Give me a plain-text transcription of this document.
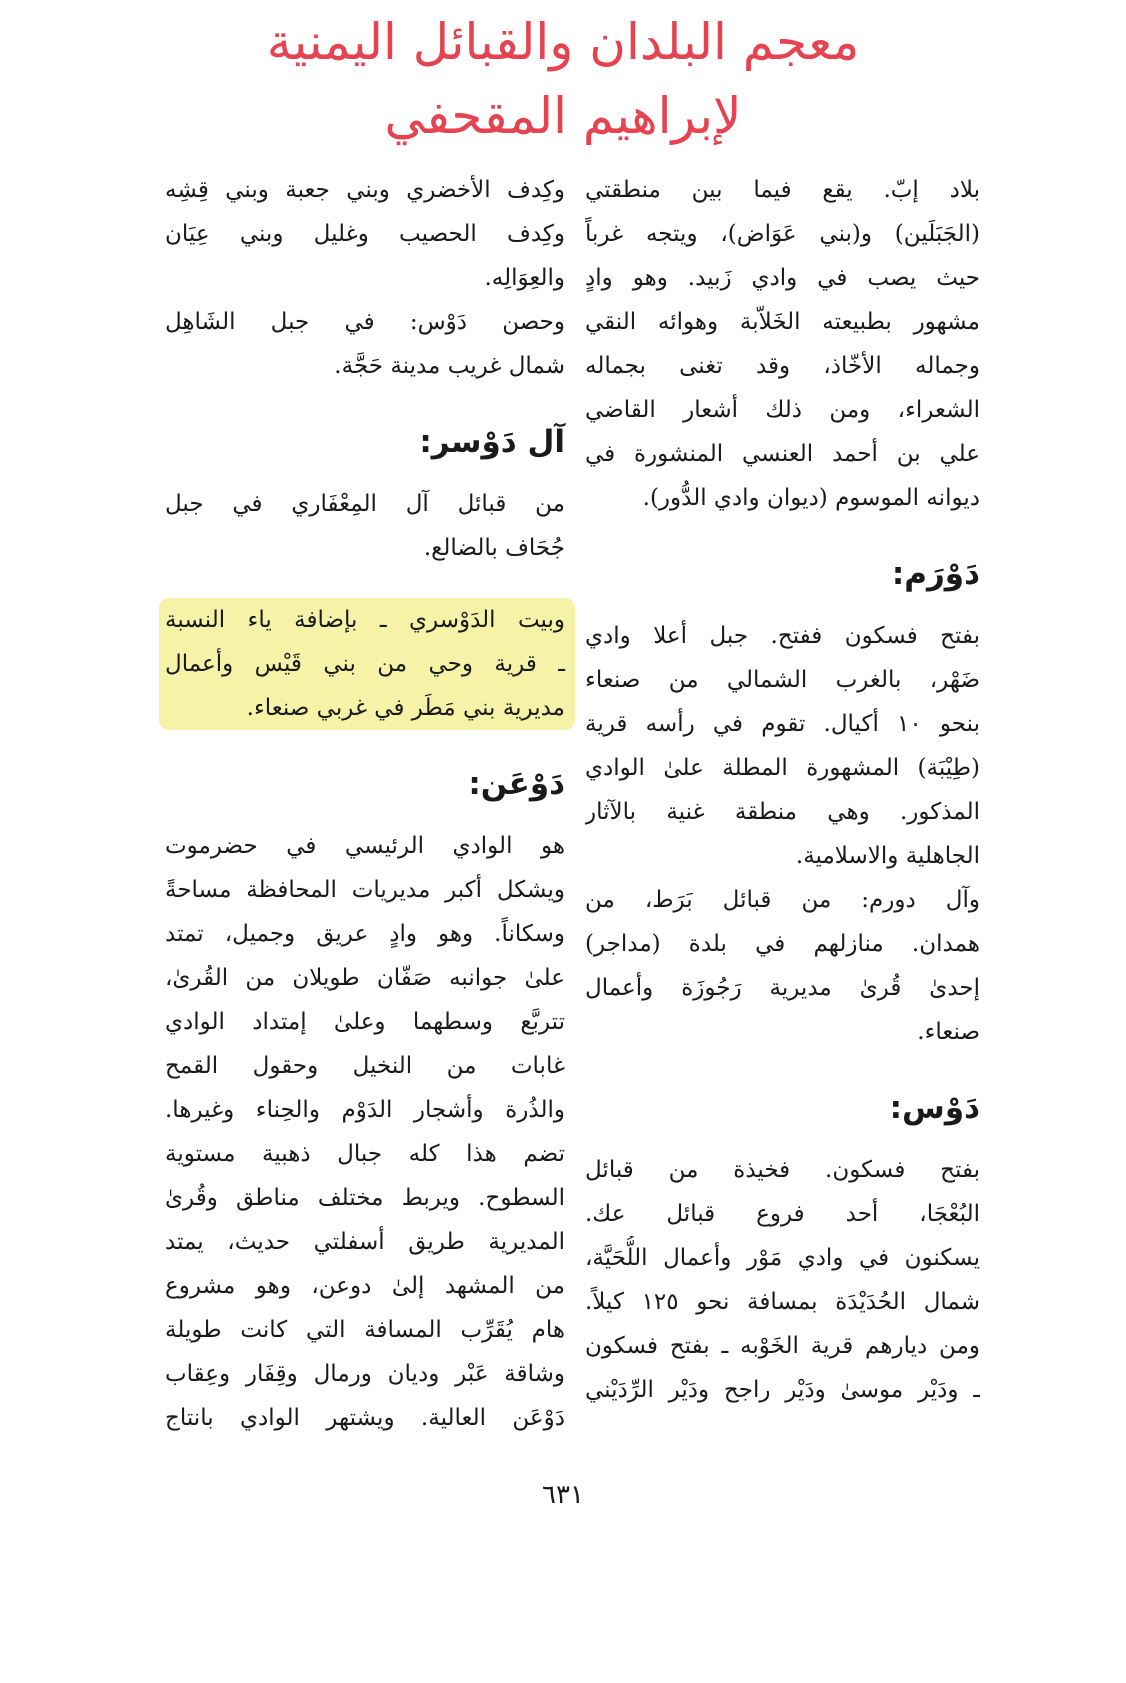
معجم البلدان والقبائل اليمنية
لإبراهيم المقحفي
بلاد إبّ. يقع فيما بين منطقتي
(الجَبَلَين) و(بني عَوَاض)، ويتجه غرباً
حيث يصب في وادي زَبيد. وهو وادٍ
مشهور بطبيعته الخَلاّبة وهوائه النقي
وجماله الأخّاذ، وقد تغنى بجماله
الشعراء، ومن ذلك أشعار القاضي
علي بن أحمد العنسي المنشورة في
ديوانه الموسوم (ديوان وادي الدُّور).
دَوْرَم:
بفتح فسكون ففتح. جبل أعلا وادي
ضَهْر، بالغرب الشمالي من صنعاء
بنحو ١٠ أكيال. تقوم في رأسه قرية
(طِيْبَة) المشهورة المطلة علىٰ الوادي
المذكور. وهي منطقة غنية بالآثار
الجاهلية والاسلامية.
وآل دورم: من قبائل بَرَط، من
همدان. منازلهم في بلدة (مداجر)
إحدىٰ قُرىٰ مديرية رَجُوزَة وأعمال
صنعاء.
دَوْس:
بفتح فسكون. فخيذة من قبائل
البُعْجَا، أحد فروع قبائل عك.
يسكنون في وادي مَوْر وأعمال اللُّحَيَّة،
شمال الحُدَيْدَة بمسافة نحو ١٢٥ كيلاً.
ومن ديارهم قرية الخَوْبه ـ بفتح فسكون
ـ ودَيْر موسىٰ ودَيْر راجح ودَيْر الرِّدَيْني
وكِدف الأخضري وبني جعبة وبني قِشِه
وكِدف الحصيب وغليل وبني عِيَان
والعِوَالِه.
وحصن دَوْس: في جبل الشَاهِل
شمال غريب مدينة حَجَّة.
آل دَوْسر:
من قبائل آل المِعْفَاري في جبل
جُحَاف بالضالع.
وبيت الدَوْسري ـ بإضافة ياء النسبة
ـ قرية وحي من بني قَيْس وأعمال
مديرية بني مَطَر في غربي صنعاء.
دَوْعَن:
هو الوادي الرئيسي في حضرموت
ويشكل أكبر مديريات المحافظة مساحةً
وسكاناً. وهو وادٍ عريق وجميل، تمتد
علىٰ جوانبه صَفّان طويلان من القُرىٰ،
تتربَّع وسطهما وعلىٰ إمتداد الوادي
غابات من النخيل وحقول القمح
والذُرة وأشجار الدَوْم والحِناء وغيرها.
تضم هذا كله جبال ذهبية مستوية
السطوح. ويربط مختلف مناطق وقُرىٰ
المديرية طريق أسفلتي حديث، يمتد
من المشهد إلىٰ دوعن، وهو مشروع
هام يُقَرِّب المسافة التي كانت طويلة
وشاقة عَبْر وديان ورمال وقِفَار وعِقاب
دَوْعَن العالية. ويشتهر الوادي بانتاج
٦٣١
